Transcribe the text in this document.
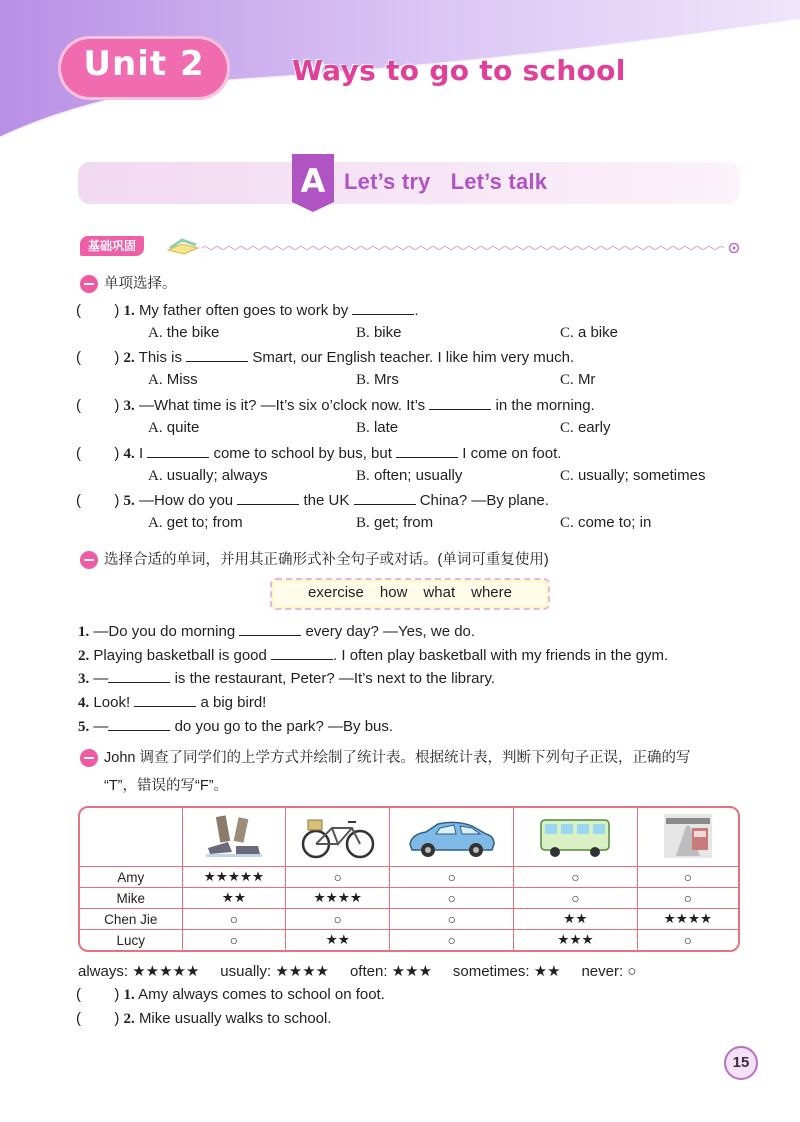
Unit 2	Ways to go to school
A Let’s try Let’s talk
基础巩固
单项选择。
(        ) 1. My father often goes to work by	.
A. the bike	B. bike	C. a bike
(        ) 2. This is	Smart, our English teacher. I like him very much.
A. Miss	B. Mrs	C. Mr
(        ) 3. —What time is it? —It’s six o’clock now. It’s	in the morning.
A. quite	B. late	C. early
(        ) 4. I	come to school by bus, but	I come on foot.
A. usually; always	B. often; usually	C. usually; sometimes
(        ) 5. —How do you	the UK	China? —By plane.
A. get to; from	B. get; from	C. come to; in
选择合适的单词，并用其正确形式补全句子或对话。(单词可重复使用)
exercise how what where
1. —Do you do morning	every day? —Yes, we do.
2. Playing basketball is good	. I often play basketball with my friends in the gym.
3. —	is the restaurant, Peter? —It’s next to the library.
4. Look!	a big bird!
5. —	do you go to the park? —By bus.
John 调查了同学们的上学方式并绘制了统计表。根据统计表，判断下列句子正误，正确的写
“T”，错误的写“F”。

Amy	★★★★★	○	○	○	○
Mike	★★	★★★★	○	○	○
Chen Jie	○	○	○	★★	★★★★
Lucy	○	★★	○	★★★	○
always: ★★★★★ usually: ★★★★ often: ★★★ sometimes: ★★ never: ○
(        ) 1. Amy always comes to school on foot.
(        ) 2. Mike usually walks to school.
15
